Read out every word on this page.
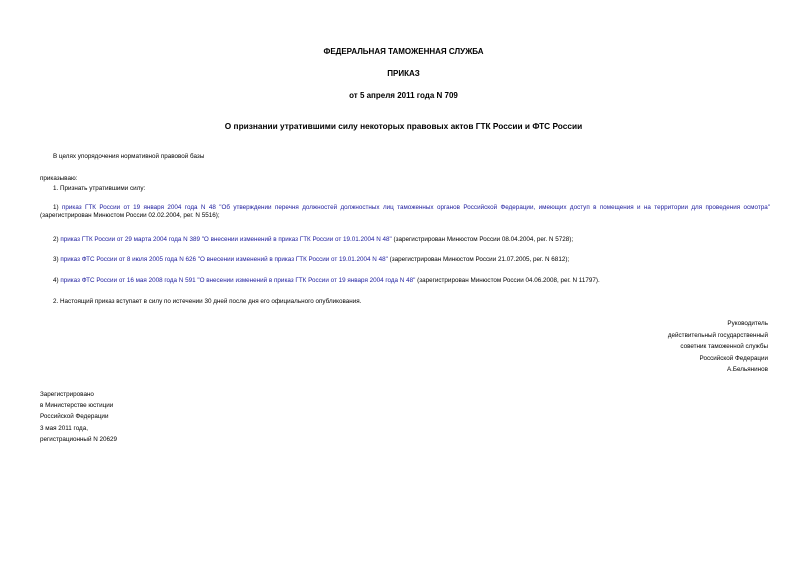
ФЕДЕРАЛЬНАЯ ТАМОЖЕННАЯ СЛУЖБА
ПРИКАЗ
от 5 апреля 2011 года N 709
О признании утратившими силу некоторых правовых актов ГТК России и ФТС России
В целях упорядочения нормативной правовой базы
приказываю:
1. Признать утратившими силу:
1) приказ ГТК России от 19 января 2004 года N 48 "Об утверждении перечня должностей должностных лиц таможенных органов Российской Федерации, имеющих доступ в помещения и на территории для проведения осмотра" (зарегистрирован Минюстом России 02.02.2004, рег. N 5516);
2) приказ ГТК России от 29 марта 2004 года N 389 "О внесении изменений в приказ ГТК России от 19.01.2004 N 48" (зарегистрирован Минюстом России 08.04.2004, рег. N 5728);
3) приказ ФТС России от 8 июля 2005 года N 626 "О внесении изменений в приказ ГТК России от 19.01.2004 N 48" (зарегистрирован Минюстом России 21.07.2005, рег. N 6812);
4) приказ ФТС России от 16 мая 2008 года N 591 "О внесении изменений в приказ ГТК России от 19 января 2004 года N 48" (зарегистрирован Минюстом России 04.06.2008, рег. N 11797).
2. Настоящий приказ вступает в силу по истечении 30 дней после дня его официального опубликования.
Руководитель
действительный государственный
советник таможенной службы
Российской Федерации
А.Бельянинов
Зарегистрировано
в Министерстве юстиции
Российской Федерации
3 мая 2011 года,
регистрационный N 20629
